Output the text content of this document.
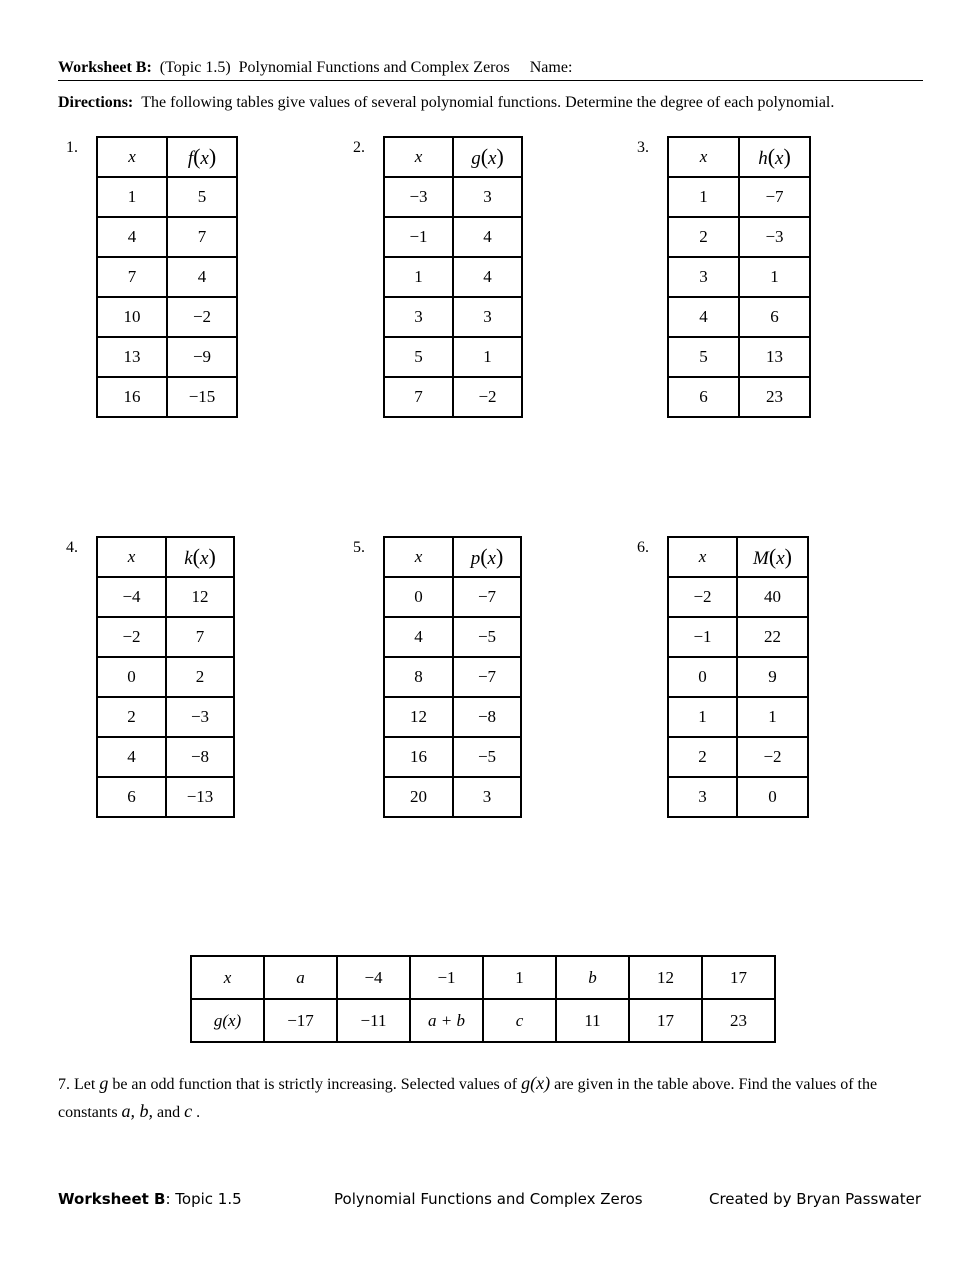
Worksheet B: (Topic 1.5) Polynomial Functions and Complex Zeros Name:
Directions: The following tables give values of several polynomial functions. Determine the degree of each polynomial.
1.	x	f(x)
1	5
4	7
7	4
10	−2
13	−9
16	−15
2.	x	g(x)
−3	3
−1	4
1	4
3	3
5	1
7	−2
3.	x	h(x)
1	−7
2	−3
3	1
4	6
5	13
6	23
4.	x	k(x)
−4	12
−2	7
0	2
2	−3
4	−8
6	−13
5.	x	p(x)
0	−7
4	−5
8	−7
12	−8
16	−5
20	3
6.	x	M(x)
−2	40
−1	22
0	9
1	1
2	−2
3	0
x	a	−4	−1	1	b	12	17
g(x)	−17	−11	a + b	c	11	17	23
7. Let g be an odd function that is strictly increasing. Selected values of g(x) are given in the table above. Find the values of the constants a, b, and c .
Worksheet B: Topic 1.5	Polynomial Functions and Complex Zeros	Created by Bryan Passwater
